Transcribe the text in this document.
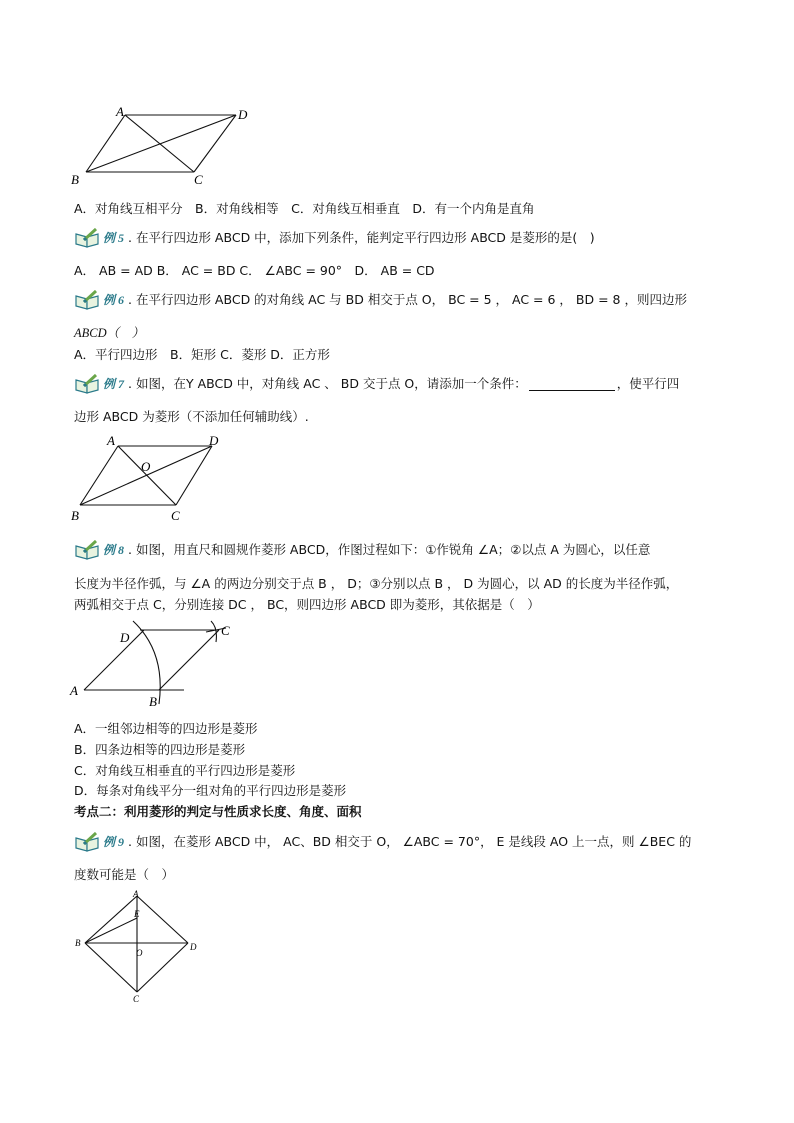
A	D
B	C
A．对角线互相平分　B．对角线相等　C．对角线互相垂直　D．有一个内角是直角
例 5 . 在平行四边形 ABCD 中，添加下列条件，能判定平行四边形 ABCD 是菱形的是(　)
A． AB = AD B． AC = BD C． ∠ABC = 90°　D． AB = CD
例 6 . 在平行四边形 ABCD 的对角线 AC 与 BD 相交于点 O， BC = 5 ， AC = 6 ， BD = 8 ，则四边形
ABCD（　）
A．平行四边形　B．矩形 C．菱形 D．正方形
例 7 . 如图，在Y ABCD 中，对角线 AC 、 BD 交于点 O，请添加一个条件：	，使平行四
边形 ABCD 为菱形（不添加任何辅助线）.
A	D
O
B	C
例 8 . 如图，用直尺和圆规作菱形 ABCD，作图过程如下：①作锐角 ∠A；②以点 A 为圆心，以任意
长度为半径作弧，与 ∠A 的两边分别交于点 B ， D；③分别以点 B ， D 为圆心，以 AD 的长度为半径作弧，
两弧相交于点 C，分别连接 DC ， BC，则四边形 ABCD 即为菱形，其依据是（　）
D	C
A
B
A．一组邻边相等的四边形是菱形
B．四条边相等的四边形是菱形
C．对角线互相垂直的平行四边形是菱形
D．每条对角线平分一组对角的平行四边形是菱形
考点二：利用菱形的判定与性质求长度、角度、面积
例 9 . 如图，在菱形 ABCD 中， AC、BD 相交于 O， ∠ABC = 70°， E 是线段 AO 上一点，则 ∠BEC 的
度数可能是（　）
A
E
B
O
D
C
